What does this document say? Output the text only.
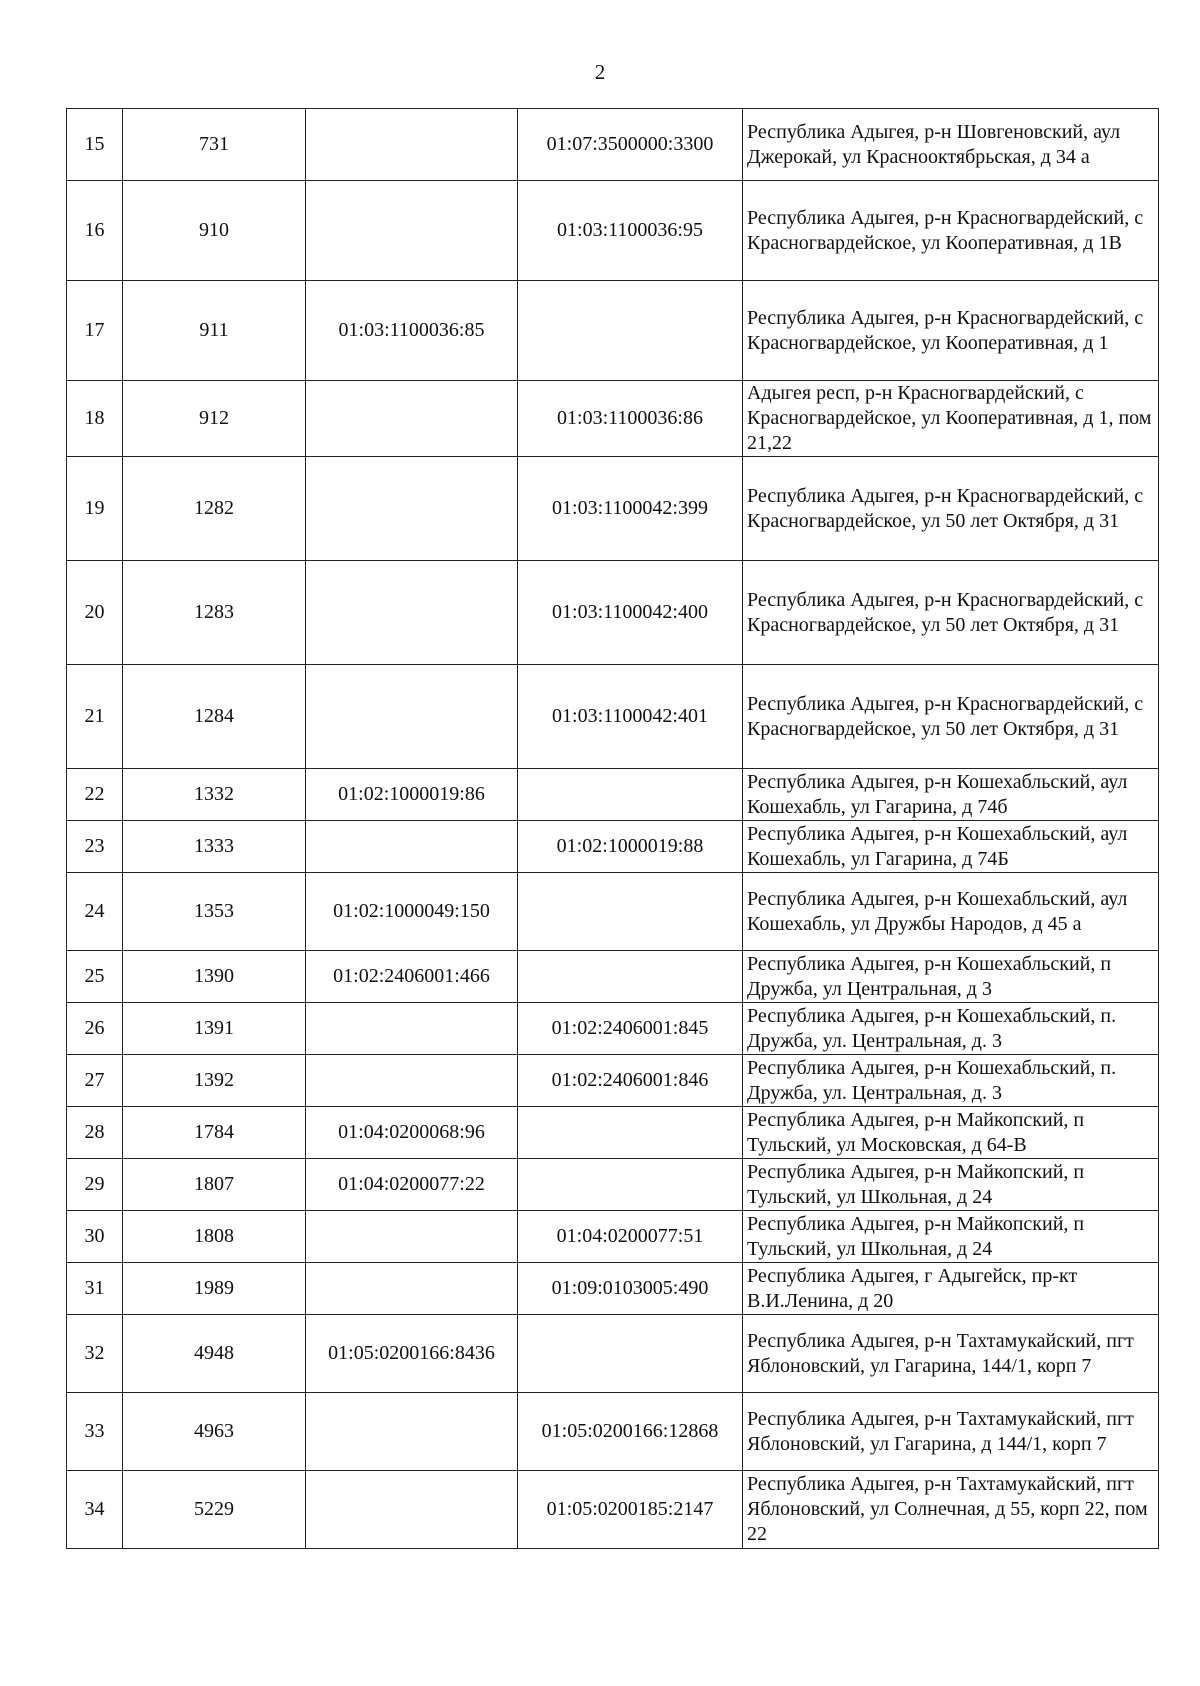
2
15	731		01:07:3500000:3300	Республика Адыгея, р-н Шовгеновский, аул Джерокай, ул Краснооктябрьская, д 34 а
16	910		01:03:1100036:95	Республика Адыгея, р-н Красногвардейский, с Красногвардейское, ул Кооперативная, д 1В
17	911	01:03:1100036:85		Республика Адыгея, р-н Красногвардейский, с Красногвардейское, ул Кооперативная, д 1
18	912		01:03:1100036:86	Адыгея респ, р-н Красногвардейский, с Красногвардейское, ул Кооперативная, д 1, пом 21,22
19	1282		01:03:1100042:399	Республика Адыгея, р-н Красногвардейский, с Красногвардейское, ул 50 лет Октября, д 31
20	1283		01:03:1100042:400	Республика Адыгея, р-н Красногвардейский, с Красногвардейское, ул 50 лет Октября, д 31
21	1284		01:03:1100042:401	Республика Адыгея, р-н Красногвардейский, с Красногвардейское, ул 50 лет Октября, д 31
22	1332	01:02:1000019:86		Республика Адыгея, р-н Кошехабльский, аул Кошехабль, ул Гагарина, д 74б
23	1333		01:02:1000019:88	Республика Адыгея, р-н Кошехабльский, аул Кошехабль, ул Гагарина, д 74Б
24	1353	01:02:1000049:150		Республика Адыгея, р-н Кошехабльский, аул Кошехабль, ул Дружбы Народов, д 45 а
25	1390	01:02:2406001:466		Республика Адыгея, р-н Кошехабльский, п Дружба, ул Центральная, д 3
26	1391		01:02:2406001:845	Республика Адыгея, р-н Кошехабльский, п. Дружба, ул. Центральная, д. 3
27	1392		01:02:2406001:846	Республика Адыгея, р-н Кошехабльский, п. Дружба, ул. Центральная, д. 3
28	1784	01:04:0200068:96		Республика Адыгея, р-н Майкопский, п Тульский, ул Московская, д 64-В
29	1807	01:04:0200077:22		Республика Адыгея, р-н Майкопский, п Тульский, ул Школьная, д 24
30	1808		01:04:0200077:51	Республика Адыгея, р-н Майкопский, п Тульский, ул Школьная, д 24
31	1989		01:09:0103005:490	Республика Адыгея, г Адыгейск, пр-кт В.И.Ленина, д 20
32	4948	01:05:0200166:8436		Республика Адыгея, р-н Тахтамукайский, пгт Яблоновский, ул Гагарина, 144/1, корп 7
33	4963		01:05:0200166:12868	Республика Адыгея, р-н Тахтамукайский, пгт Яблоновский, ул Гагарина, д 144/1, корп 7
34	5229		01:05:0200185:2147	Республика Адыгея, р-н Тахтамукайский, пгт Яблоновский, ул Солнечная, д 55, корп 22, пом 22
